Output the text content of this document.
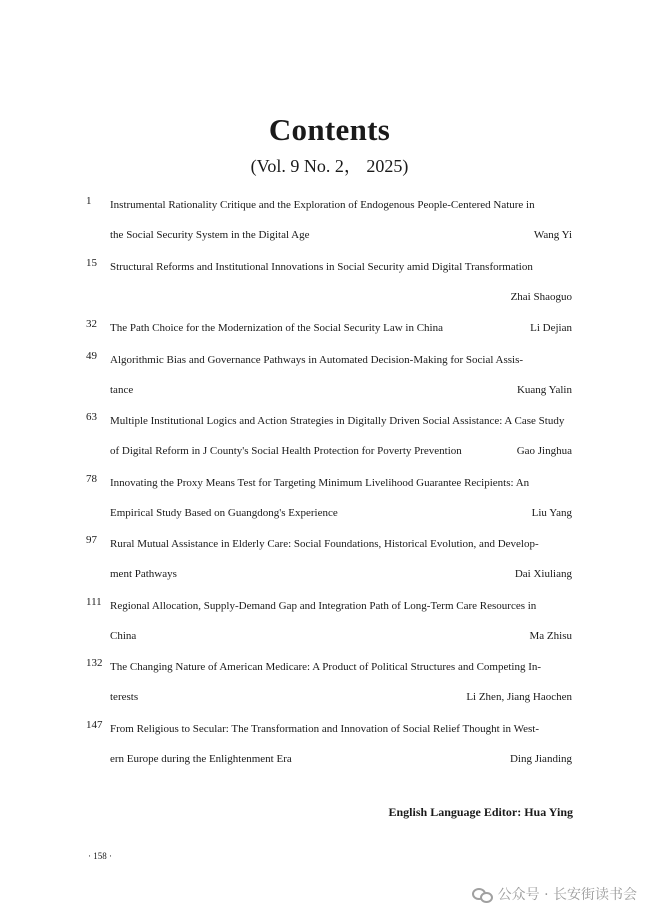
Contents
(Vol. 9 No. 2， 2025)
1 Instrumental Rationality Critique and the Exploration of Endogenous People-Centered Nature in
the Social Security System in the Digital Age	Wang Yi
15 Structural Reforms and Institutional Innovations in Social Security amid Digital Transformation
Zhai Shaoguo
32 The Path Choice for the Modernization of the Social Security Law in China	Li Dejian
49 Algorithmic Bias and Governance Pathways in Automated Decision-Making for Social Assis-
tance	Kuang Yalin
63 Multiple Institutional Logics and Action Strategies in Digitally Driven Social Assistance: A Case Study
of Digital Reform in J County's Social Health Protection for Poverty Prevention	Gao Jinghua
78 Innovating the Proxy Means Test for Targeting Minimum Livelihood Guarantee Recipients: An
Empirical Study Based on Guangdong's Experience	Liu Yang
97 Rural Mutual Assistance in Elderly Care: Social Foundations, Historical Evolution, and Develop-
ment Pathways	Dai Xiuliang
111 Regional Allocation, Supply-Demand Gap and Integration Path of Long-Term Care Resources in
China	Ma Zhisu
132 The Changing Nature of American Medicare: A Product of Political Structures and Competing In-
terests	Li Zhen, Jiang Haochen
147 From Religious to Secular: The Transformation and Innovation of Social Relief Thought in West-
ern Europe during the Enlightenment Era	Ding Jianding
English Language Editor: Hua Ying
· 158 ·
公众号 · 长安街读书会
